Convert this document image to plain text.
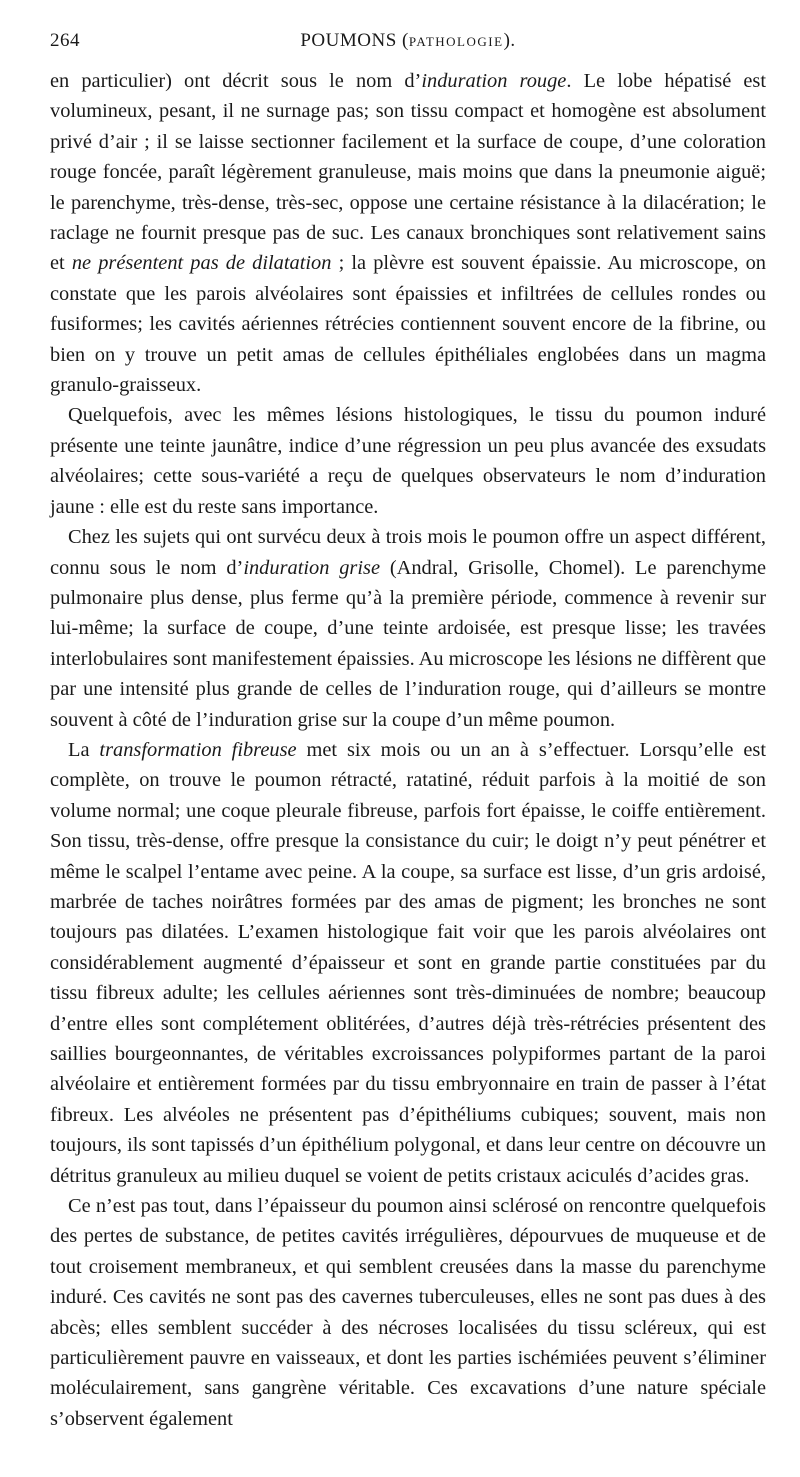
264	POUMONS (PATHOLOGIE).

en particulier) ont décrit sous le nom d’induration rouge. Le lobe hépatisé est volumineux, pesant, il ne surnage pas; son tissu compact et homogène est absolument privé d’air ; il se laisse sectionner facilement et la surface de coupe, d’une coloration rouge foncée, paraît légèrement granuleuse, mais moins que dans la pneumonie aiguë; le parenchyme, très-dense, très-sec, oppose une certaine résistance à la dilacération; le raclage ne fournit presque pas de suc. Les canaux bronchiques sont relativement sains et ne présentent pas de dilatation ; la plèvre est souvent épaissie. Au microscope, on constate que les parois alvéolaires sont épaissies et infiltrées de cellules rondes ou fusiformes; les cavités aériennes rétrécies contiennent souvent encore de la fibrine, ou bien on y trouve un petit amas de cellules épithéliales englobées dans un magma granulo-graisseux.

Quelquefois, avec les mêmes lésions histologiques, le tissu du poumon induré présente une teinte jaunâtre, indice d’une régression un peu plus avancée des exsudats alvéolaires; cette sous-variété a reçu de quelques observateurs le nom d’induration jaune : elle est du reste sans importance.

Chez les sujets qui ont survécu deux à trois mois le poumon offre un aspect différent, connu sous le nom d’induration grise (Andral, Grisolle, Chomel). Le parenchyme pulmonaire plus dense, plus ferme qu’à la première période, commence à revenir sur lui-même; la surface de coupe, d’une teinte ardoisée, est presque lisse; les travées interlobulaires sont manifestement épaissies. Au microscope les lésions ne diffèrent que par une intensité plus grande de celles de l’induration rouge, qui d’ailleurs se montre souvent à côté de l’induration grise sur la coupe d’un même poumon.

La transformation fibreuse met six mois ou un an à s’effectuer. Lorsqu’elle est complète, on trouve le poumon rétracté, ratatiné, réduit parfois à la moitié de son volume normal; une coque pleurale fibreuse, parfois fort épaisse, le coiffe entièrement. Son tissu, très-dense, offre presque la consistance du cuir; le doigt n’y peut pénétrer et même le scalpel l’entame avec peine. A la coupe, sa surface est lisse, d’un gris ardoisé, marbrée de taches noirâtres formées par des amas de pigment; les bronches ne sont toujours pas dilatées. L’examen histologique fait voir que les parois alvéolaires ont considérablement augmenté d’épaisseur et sont en grande partie constituées par du tissu fibreux adulte; les cellules aériennes sont très-diminuées de nombre; beaucoup d’entre elles sont complétement oblitérées, d’autres déjà très-rétrécies présentent des saillies bourgeonnantes, de véritables excroissances polypiformes partant de la paroi alvéolaire et entièrement formées par du tissu embryonnaire en train de passer à l’état fibreux. Les alvéoles ne présentent pas d’épithéliums cubiques; souvent, mais non toujours, ils sont tapissés d’un épithélium polygonal, et dans leur centre on découvre un détritus granuleux au milieu duquel se voient de petits cristaux aciculés d’acides gras.

Ce n’est pas tout, dans l’épaisseur du poumon ainsi sclérosé on rencontre quelquefois des pertes de substance, de petites cavités irrégulières, dépourvues de muqueuse et de tout croisement membraneux, et qui semblent creusées dans la masse du parenchyme induré. Ces cavités ne sont pas des cavernes tuberculeuses, elles ne sont pas dues à des abcès; elles semblent succéder à des nécroses localisées du tissu scléreux, qui est particulièrement pauvre en vaisseaux, et dont les parties ischémiées peuvent s’éliminer moléculairement, sans gangrène véritable. Ces excavations d’une nature spéciale s’observent également
